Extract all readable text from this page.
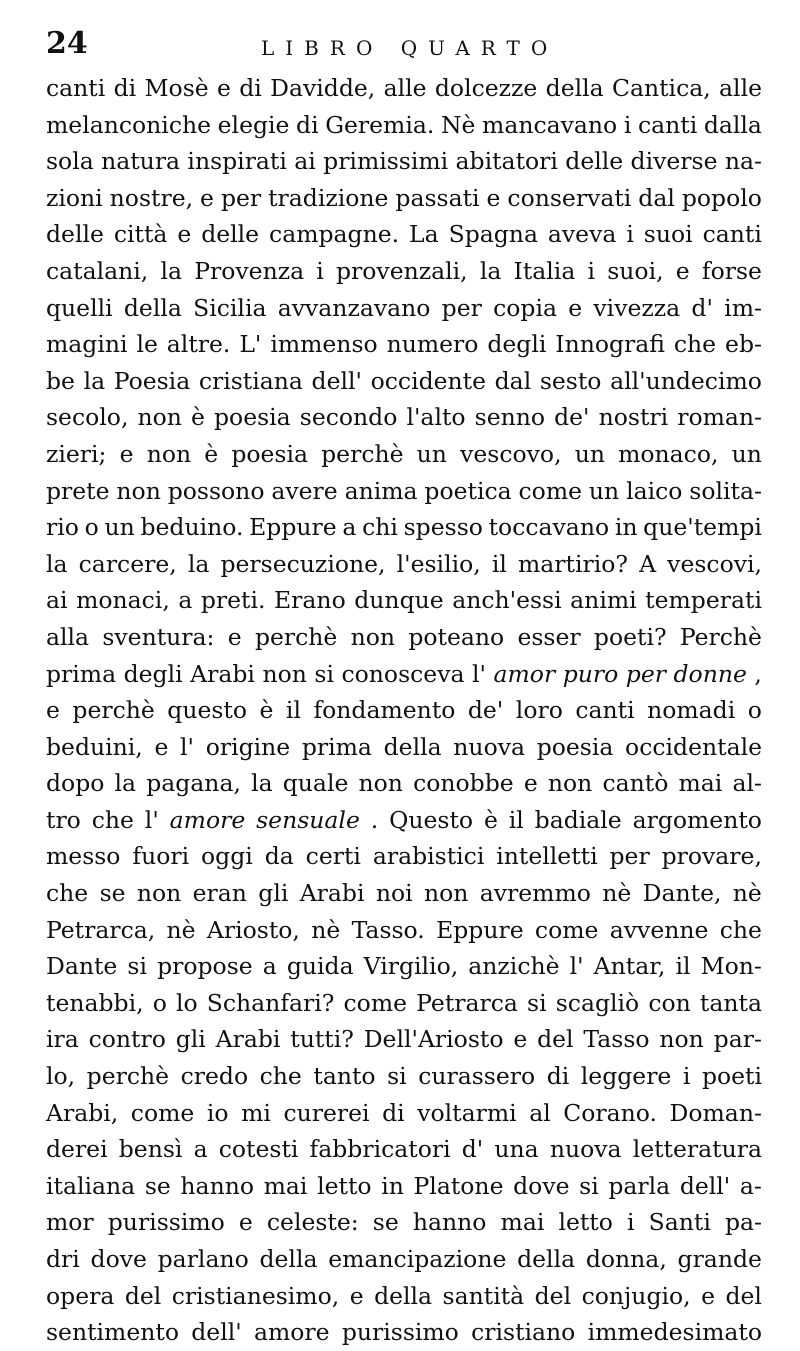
24	LIBRO QUARTO
canti di Mosè e di Davidde, alle dolcezze della Cantica, alle
melanconiche elegie di Geremia. Nè mancavano i canti dalla
sola natura inspirati ai primissimi abitatori delle diverse na-
zioni nostre, e per tradizione passati e conservati dal popolo
delle città e delle campagne. La Spagna aveva i suoi canti
catalani, la Provenza i provenzali, la Italia i suoi, e forse
quelli della Sicilia avvanzavano per copia e vivezza d' im-
magini le altre. L' immenso numero degli Innografi che eb-
be la Poesia cristiana dell' occidente dal sesto all'undecimo
secolo, non è poesia secondo l'alto senno de' nostri roman-
zieri; e non è poesia perchè un vescovo, un monaco, un
prete non possono avere anima poetica come un laico solita-
rio o un beduino. Eppure a chi spesso toccavano in que'tempi
la carcere, la persecuzione, l'esilio, il martirio? A vescovi,
ai monaci, a preti. Erano dunque anch'essi animi temperati
alla sventura: e perchè non poteano esser poeti? Perchè
prima degli Arabi non si conosceva l' amor puro per donne ,
e perchè questo è il fondamento de' loro canti nomadi o
beduini, e l' origine prima della nuova poesia occidentale
dopo la pagana, la quale non conobbe e non cantò mai al-
tro che l' amore sensuale . Questo è il badiale argomento
messo fuori oggi da certi arabistici intelletti per provare,
che se non eran gli Arabi noi non avremmo nè Dante, nè
Petrarca, nè Ariosto, nè Tasso. Eppure come avvenne che
Dante si propose a guida Virgilio, anzichè l' Antar, il Mon-
tenabbi, o lo Schanfari? come Petrarca si scagliò con tanta
ira contro gli Arabi tutti? Dell'Ariosto e del Tasso non par-
lo, perchè credo che tanto si curassero di leggere i poeti
Arabi, come io mi curerei di voltarmi al Corano. Doman-
derei bensì a cotesti fabbricatori d' una nuova letteratura
italiana se hanno mai letto in Platone dove si parla dell' a-
mor purissimo e celeste: se hanno mai letto i Santi pa-
dri dove parlano della emancipazione della donna, grande
opera del cristianesimo, e della santità del conjugio, e del
sentimento dell' amore purissimo cristiano immedesimato
